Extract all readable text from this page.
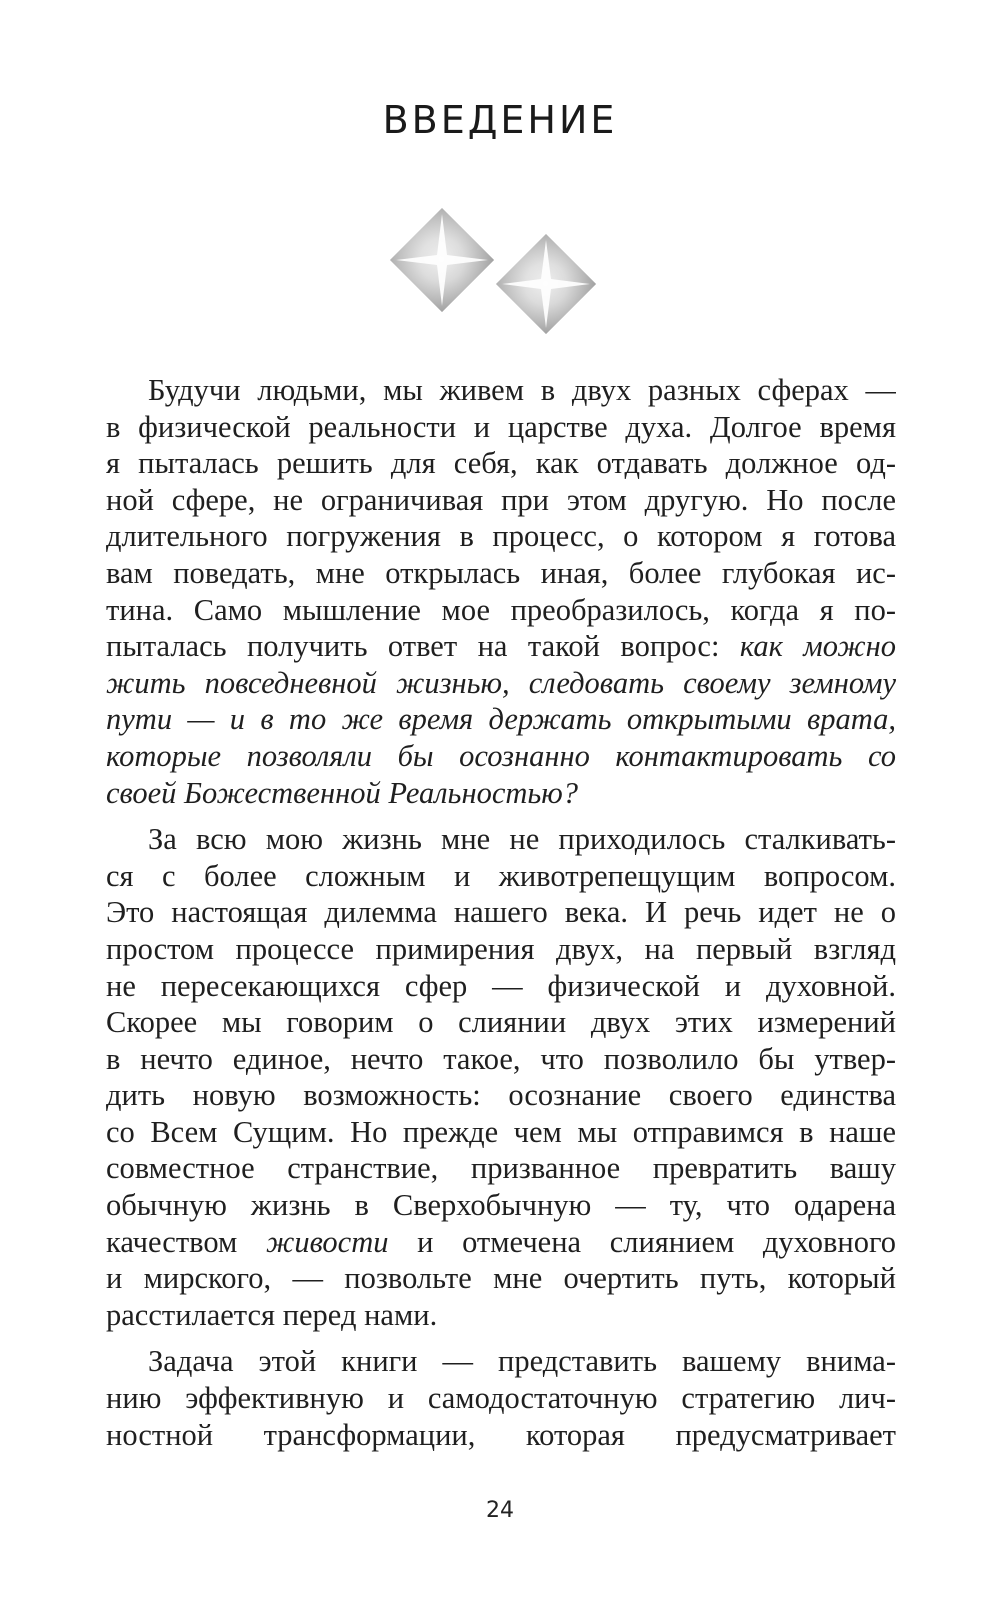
ВВЕДЕНИЕ
Будучи людьми, мы живем в двух разных сферах —
в физической реальности и царстве духа. Долгое время
я пыталась решить для себя, как отдавать должное од-
ной сфере, не ограничивая при этом другую. Но после
длительного погружения в процесс, о котором я готова
вам поведать, мне открылась иная, более глубокая ис-
тина. Само мышление мое преобразилось, когда я по-
пыталась получить ответ на такой вопрос: как можно
жить повседневной жизнью, следовать своему земному
пути — и в то же время держать открытыми врата,
которые позволяли бы осознанно контактировать со
своей Божественной Реальностью?
За всю мою жизнь мне не приходилось сталкивать-
ся с более сложным и животрепещущим вопросом.
Это настоящая дилемма нашего века. И речь идет не о
простом процессе примирения двух, на первый взгляд
не пересекающихся сфер — физической и духовной.
Скорее мы говорим о слиянии двух этих измерений
в нечто единое, нечто такое, что позволило бы утвер-
дить новую возможность: осознание своего единства
со Всем Сущим. Но прежде чем мы отправимся в наше
совместное странствие, призванное превратить вашу
обычную жизнь в Сверхобычную — ту, что одарена
качеством живости и отмечена слиянием духовного
и мирского, — позвольте мне очертить путь, который
расстилается перед нами.
Задача этой книги — представить вашему внима-
нию эффективную и самодостаточную стратегию лич-
ностной трансформации, которая предусматривает
24
